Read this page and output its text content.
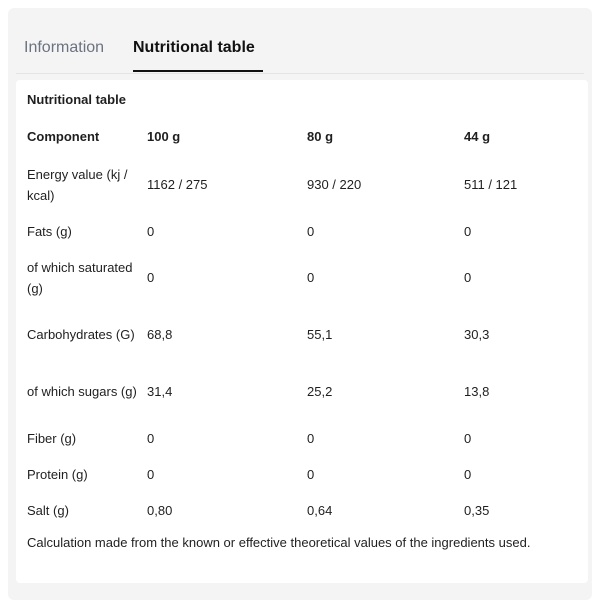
Information Nutritional table
Nutritional table
Component	100 g	80 g	44 g
Energy value (kj / kcal)	1162 / 275	930 / 220	511 / 121
Fats (g)	0	0	0
of which saturated (g)	0	0	0
Carbohydrates (G)	68,8	55,1	30,3
of which sugars (g)	31,4	25,2	13,8
Fiber (g)	0	0	0
Protein (g)	0	0	0
Salt (g)	0,80	0,64	0,35
Calculation made from the known or effective theoretical values of the ingredients used.
